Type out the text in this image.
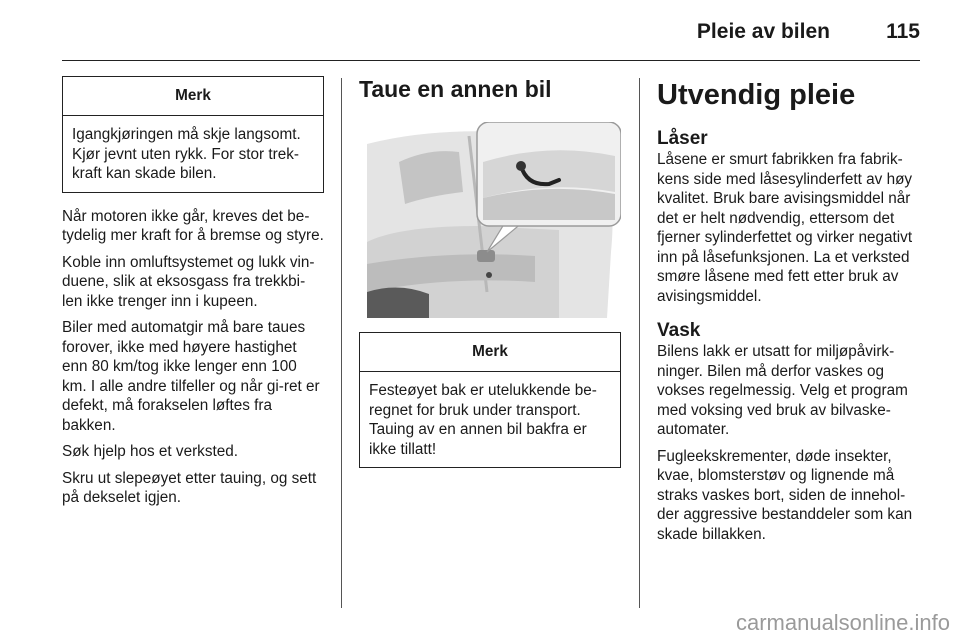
Pleie av bilen	115
Merk
Igangkjøringen må skje langsomt. Kjør jevnt uten rykk. For stor trek-kraft kan skade bilen.

Når motoren ikke går, kreves det be-tydelig mer kraft for å bremse og styre.

Koble inn omluftsystemet og lukk vin-duene, slik at eksosgass fra trekkbi-len ikke trenger inn i kupeen.

Biler med automatgir må bare taues forover, ikke med høyere hastighet enn 80 km/tog ikke lenger enn 100 km. I alle andre tilfeller og når gi-ret er defekt, må forakselen løftes fra bakken.

Søk hjelp hos et verksted.

Skru ut slepeøyet etter tauing, og sett på dekselet igjen.

Taue en annen bil
Merk
Festeøyet bak er utelukkende be-regnet for bruk under transport. Tauing av en annen bil bakfra er ikke tillatt!
Utvendig pleie
Låser

Låsene er smurt fabrikken fra fabrik-kens side med låsesylinderfett av høy kvalitet. Bruk bare avisingsmiddel når det er helt nødvendig, ettersom det fjerner sylinderfettet og virker negativt inn på låsefunksjonen. La et verksted smøre låsene med fett etter bruk av avisingsmiddel.

Vask

Bilens lakk er utsatt for miljøpåvirk-ninger. Bilen må derfor vaskes og vokses regelmessig. Velg et program med voksing ved bruk av bilvaske-automater.

Fugleekskrementer, døde insekter, kvae, blomsterstøv og lignende må straks vaskes bort, siden de innehol-der aggressive bestanddeler som kan skade billakken.

carmanualsonline.info
